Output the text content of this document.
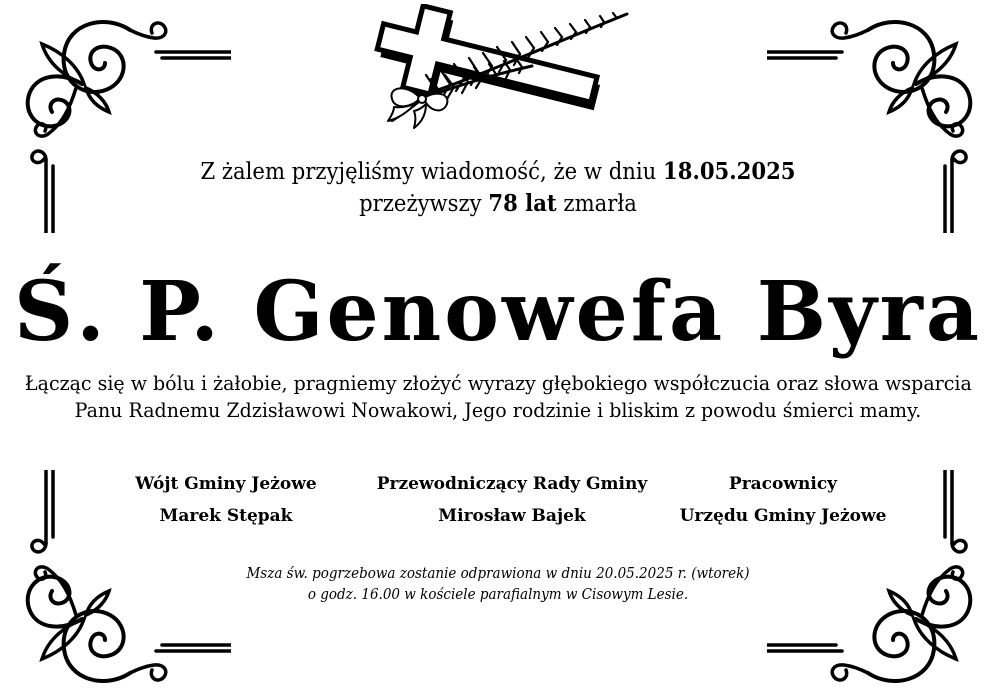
Z żalem przyjęliśmy wiadomość, że w dniu 18.05.2025
przeżywszy 78 lat zmarła
Ś. P. Genowefa Byra
Łącząc się w bólu i żałobie, pragniemy złożyć wyrazy głębokiego współczucia oraz słowa wsparcia
Panu Radnemu Zdzisławowi Nowakowi, Jego rodzinie i bliskim z powodu śmierci mamy.
Wójt Gminy Jeżowe
Marek Stępak
Przewodniczący Rady Gminy
Mirosław Bajek
Pracownicy
Urzędu Gminy Jeżowe
Msza św. pogrzebowa zostanie odprawiona w dniu 20.05.2025 r. (wtorek)
o godz. 16.00 w kościele parafialnym w Cisowym Lesie.
